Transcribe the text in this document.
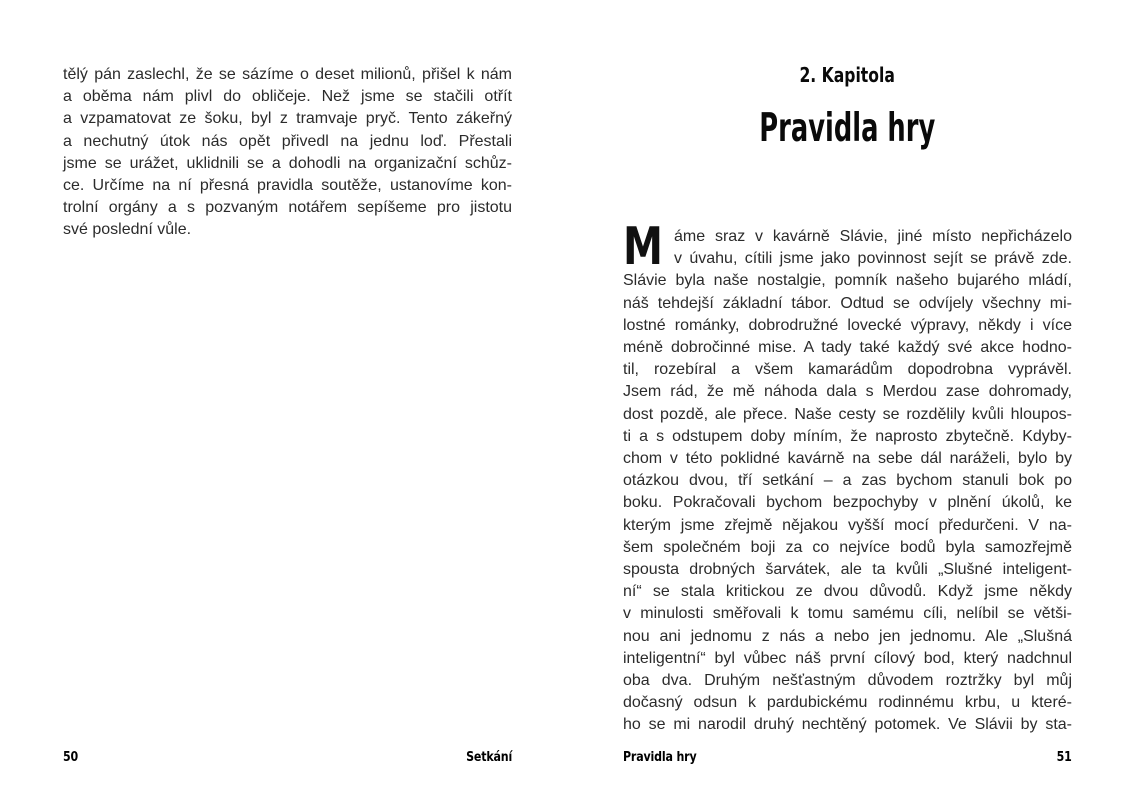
tělý pán zaslechl, že se sázíme o deset milionů, přišel k nám
a oběma nám plivl do obličeje. Než jsme se stačili otřít
a vzpamatovat ze šoku, byl z tramvaje pryč. Tento zákeřný
a nechutný útok nás opět přivedl na jednu loď. Přestali
jsme se urážet, uklidnili se a dohodli na organizační schůz-
ce. Určíme na ní přesná pravidla soutěže, ustanovíme kon-
trolní orgány a s pozvaným notářem sepíšeme pro jistotu
své poslední vůle.
50	Setkání
2. Kapitola
Pravidla hry
M áme sraz v kavárně Slávie, jiné místo nepřicházelo
v úvahu, cítili jsme jako povinnost sejít se právě zde.
Slávie byla naše nostalgie, pomník našeho bujarého mládí,
náš tehdejší základní tábor. Odtud se odvíjely všechny mi-
lostné románky, dobrodružné lovecké výpravy, někdy i více
méně dobročinné mise. A tady také každý své akce hodno-
til, rozebíral a všem kamarádům dopodrobna vyprávěl.
Jsem rád, že mě náhoda dala s Merdou zase dohromady,
dost pozdě, ale přece. Naše cesty se rozdělily kvůli hloupos-
ti a s odstupem doby míním, že naprosto zbytečně. Kdyby-
chom v této poklidné kavárně na sebe dál naráželi, bylo by
otázkou dvou, tří setkání – a zas bychom stanuli bok po
boku. Pokračovali bychom bezpochyby v plnění úkolů, ke
kterým jsme zřejmě nějakou vyšší mocí předurčeni. V na-
šem společném boji za co nejvíce bodů byla samozřejmě
spousta drobných šarvátek, ale ta kvůli „Slušné inteligent-
ní“ se stala kritickou ze dvou důvodů. Když jsme někdy
v minulosti směřovali k tomu samému cíli, nelíbil se větši-
nou ani jednomu z nás a nebo jen jednomu. Ale „Slušná
inteligentní“ byl vůbec náš první cílový bod, který nadchnul
oba dva. Druhým nešťastným důvodem roztržky byl můj
dočasný odsun k pardubickému rodinnému krbu, u které-
ho se mi narodil druhý nechtěný potomek. Ve Slávii by sta-
Pravidla hry	51
